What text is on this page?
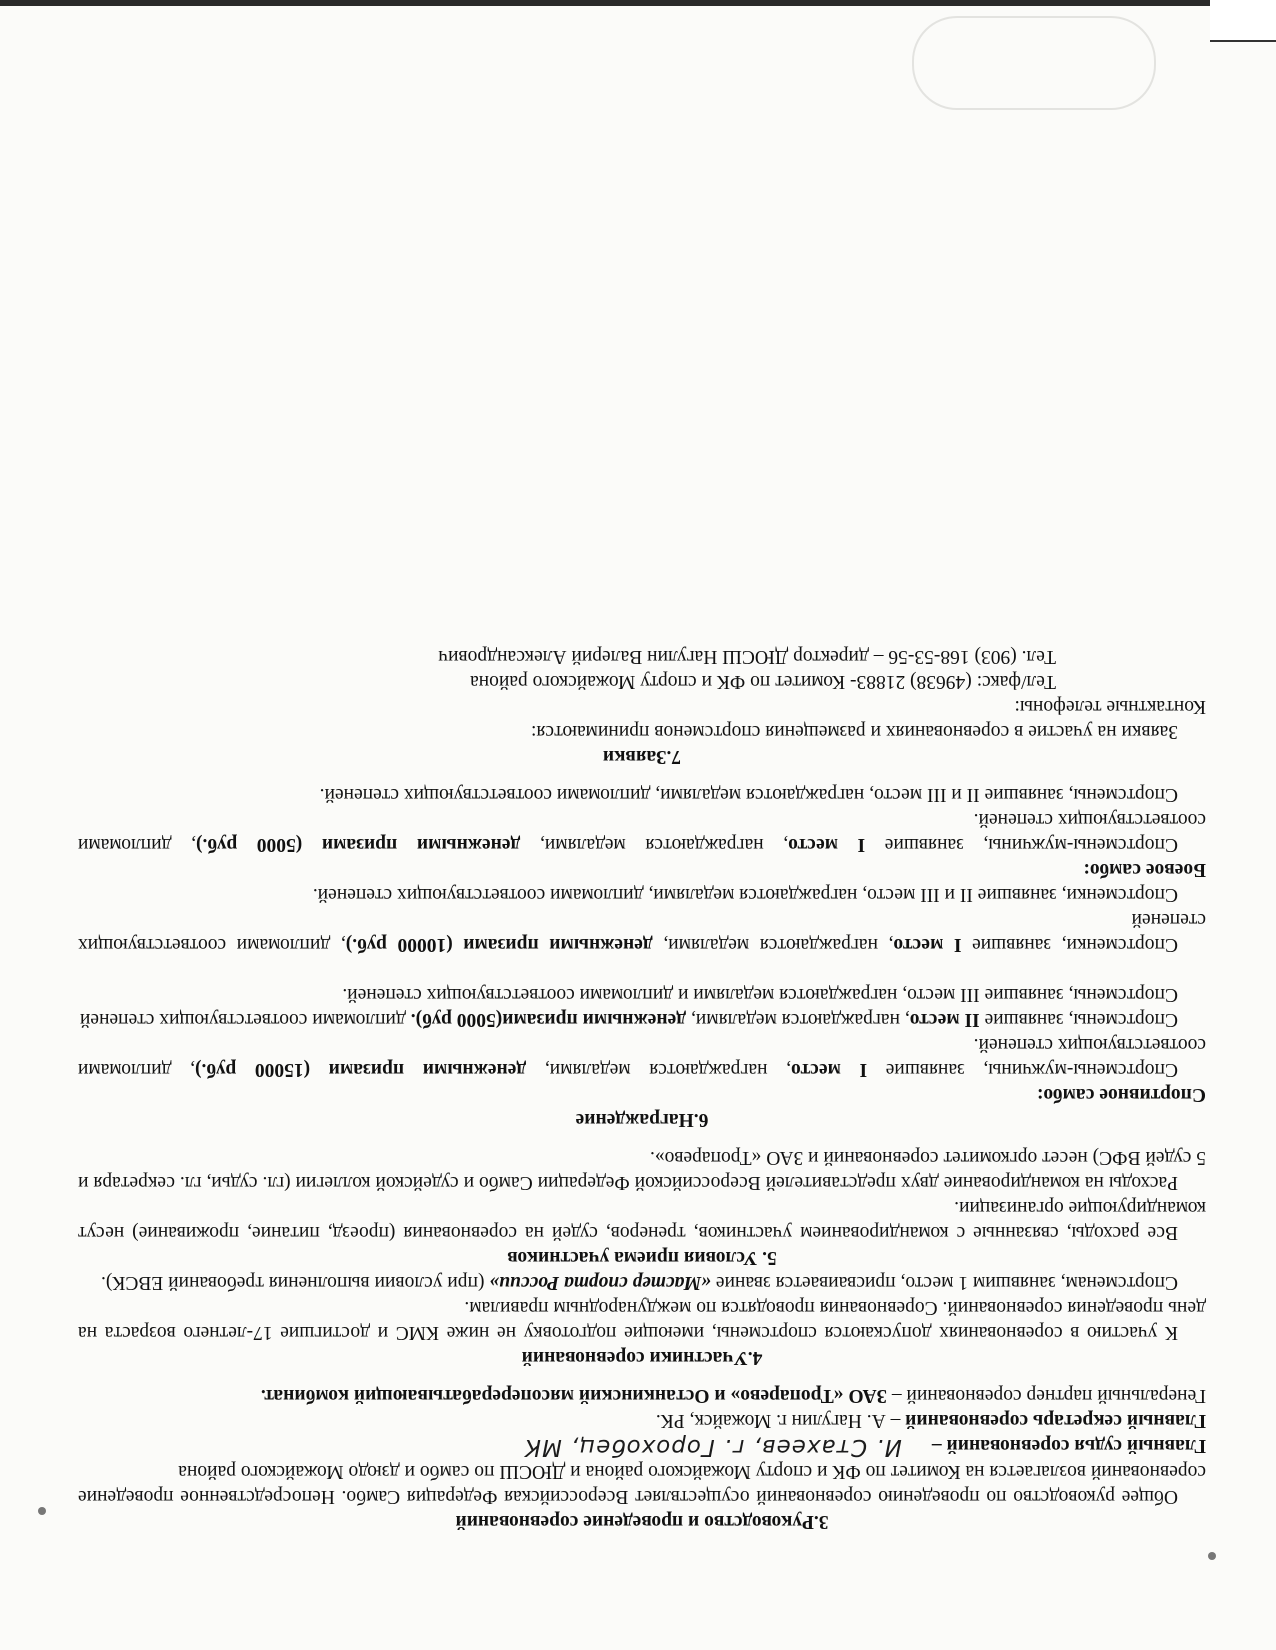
3.Руководство и проведение соревнований

Общее руководство по проведению соревнований осуществляет Всероссийская Федерация Самбо. Непосредственное проведение соревнований возлагается на Комитет по ФК и спорту Можайского района и ДЮСШ по самбо и дзюдо Можайского района

Главный судья соревнований –
И. Стахеев, г. Горохобец, МК

Главный секретарь соревнований – А. Нагулин г. Можайск, РК.

Генеральный партнер соревнований – ЗАО «Тропарево» и Останкинский мясоперерабатывающий комбинат.

4.Участники соревнований

К участию в соревнованиях допускаются спортсмены, имеющие подготовку не ниже КМС и достигшие 17-летнего возраста на день проведения соревнований. Соревнования проводятся по международным правилам.

Спортсменам, занявшим 1 место, присваивается звание «Мастер спорта России» (при условии выполнения требований ЕВСК).

5. Условия приема участников

Все расходы, связанные с командированием участников, тренеров, судей на соревнования (проезд, питание, проживание) несут командирующие организации.

Расходы на командирование двух представителей Всероссийской Федерации Самбо и судейской коллегии (гл. судьи, гл. секретаря и 5 судей ВФС) несет оргкомитет соревнований и ЗАО «Тропарево».

6.Награждение

Спортивное самбо:

Спортсмены-мужчины, занявшие I место, награждаются медалями, денежными призами (15000 руб.), дипломами соответствующих степеней.

Спортсмены, занявшие II место, награждаются медалями, денежными призами(5000 руб). дипломами соответствующих степеней

Спортсмены, занявшие III место, награждаются медалями и дипломами соответствующих степеней.

Спортсменки, занявшие I место, награждаются медалями, денежными призами (10000 руб.), дипломами соответствующих степеней

Спортсменки, занявшие II и III место, награждаются медалями, дипломами соответствующих степеней.

Боевое самбо:

Спортсмены-мужчины, занявшие I место, награждаются медалями, денежными призами (5000 руб.), дипломами соответствующих степеней.

Спортсмены, занявшие II и III место, награждаются медалями, дипломами соответствующих степеней.

7.Заявки

Заявки на участие в соревнованиях и размещения спортсменов принимаются:

Контактные телефоны:

Тел/факс: (49638) 21883- Комитет по ФК и спорту Можайского района

Тел. (903) 168-53-56 – директор ДЮСШ Нагулин Валерий Александрович
